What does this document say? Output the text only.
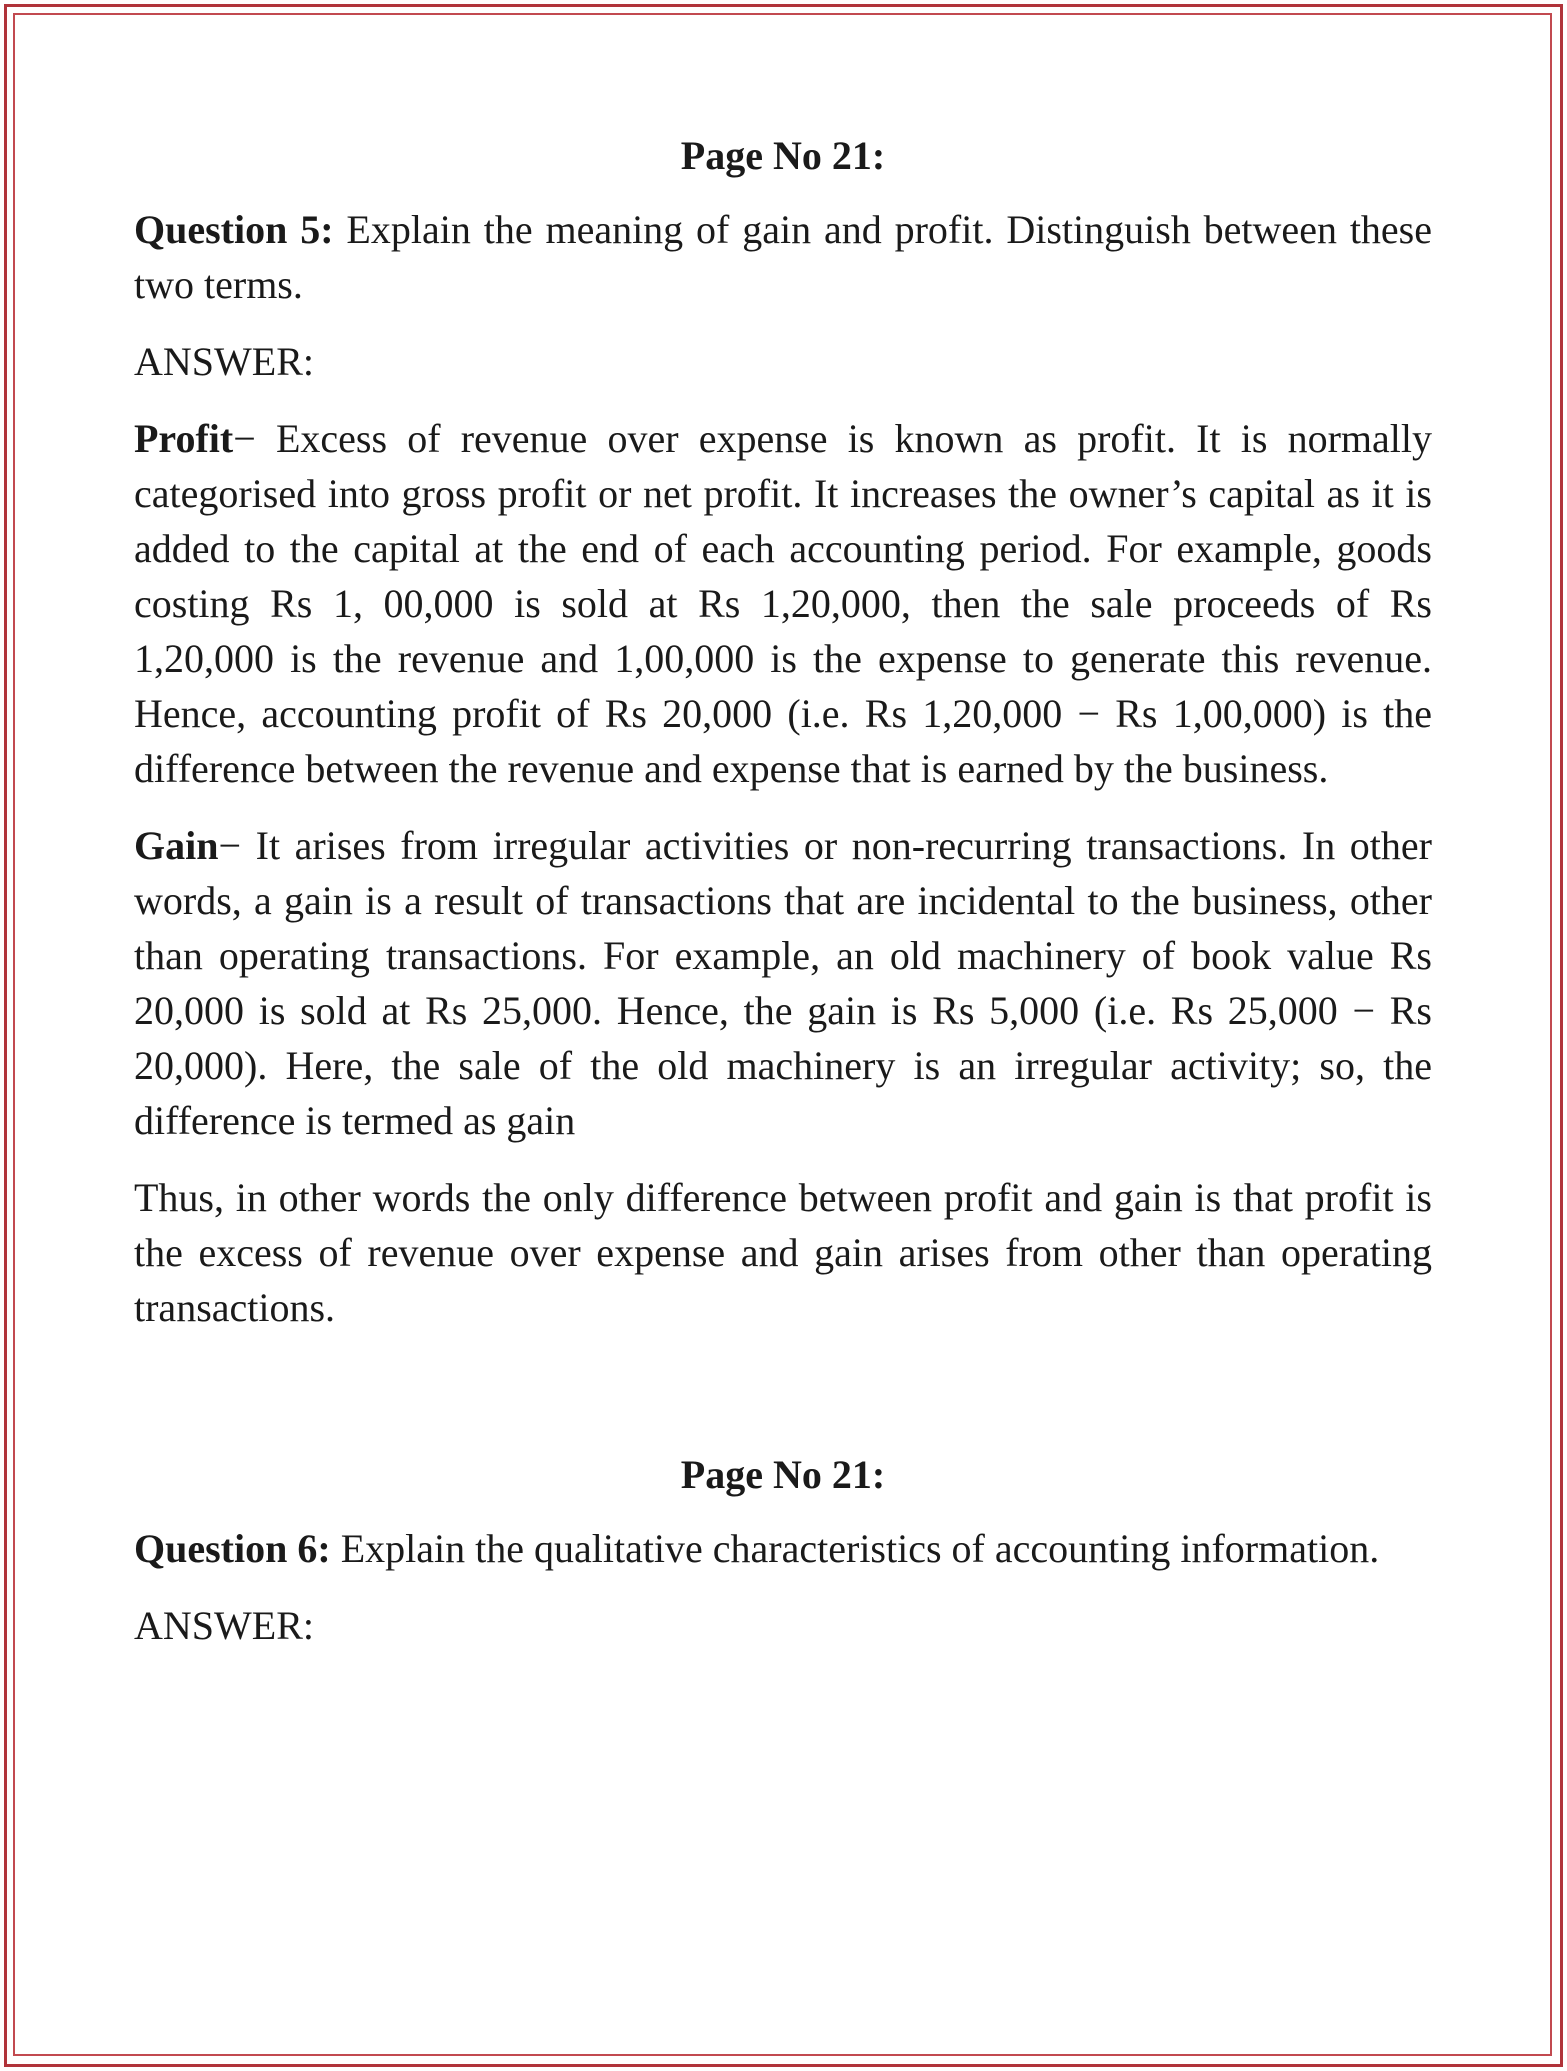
Page No 21:

Question 5: Explain the meaning of gain and profit. Distinguish between these two terms.

ANSWER:

Profit− Excess of revenue over expense is known as profit. It is normally categorised into gross profit or net profit. It increases the owner’s capital as it is added to the capital at the end of each accounting period. For example, goods costing Rs 1, 00,000 is sold at Rs 1,20,000, then the sale proceeds of Rs 1,20,000 is the revenue and 1,00,000 is the expense to generate this revenue. Hence, accounting profit of Rs 20,000 (i.e. Rs 1,20,000 − Rs 1,00,000) is the difference between the revenue and expense that is earned by the business.

Gain− It arises from irregular activities or non-recurring transactions. In other words, a gain is a result of transactions that are incidental to the business, other than operating transactions. For example, an old machinery of book value Rs 20,000 is sold at Rs 25,000. Hence, the gain is Rs 5,000 (i.e. Rs 25,000 − Rs 20,000). Here, the sale of the old machinery is an irregular activity; so, the difference is termed as gain

Thus, in other words the only difference between profit and gain is that profit is the excess of revenue over expense and gain arises from other than operating transactions.

Page No 21:

Question 6: Explain the qualitative characteristics of accounting information.

ANSWER:
